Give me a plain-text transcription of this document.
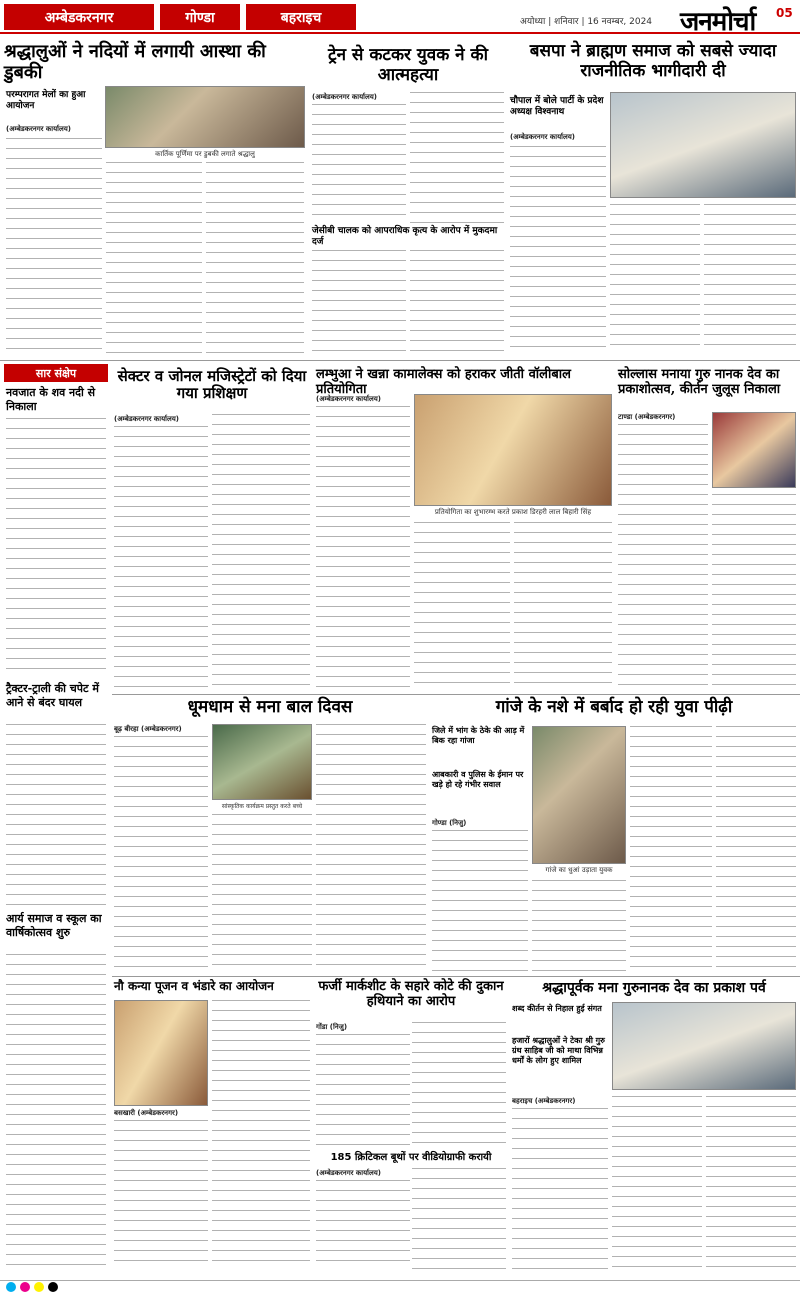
अम्बेडकरनगर	गोण्डा	बहराइच	अयोध्या | शनिवार | 16 नवम्बर, 2024 जनमोर्चा 05
श्रद्धालुओं ने नदियों में लगायी आस्था की डुबकी
कार्तिक पूर्णिमा पर डुबकी लगाते श्रद्धालु
परम्परागत मेलों का हुआ आयोजन
(अम्बेडकरनगर कार्यालय)
ट्रेन से कटकर युवक ने की आत्महत्या
(अम्बेडकरनगर कार्यालय)
जेसीबी चालक को आपराधिक कृत्य के आरोप में मुकदमा दर्ज
बसपा ने ब्राह्मण समाज को सबसे ज्यादा राजनीतिक भागीदारी दी
चौपाल में बोले पार्टी के प्रदेश अध्यक्ष विश्वनाथ
(अम्बेडकरनगर कार्यालय)
सार संक्षेप
नवजात के शव नदी से निकाला
ट्रैक्टर-ट्राली की चपेट में आने से बंदर घायल
आर्य समाज व स्कूल का वार्षिकोत्सव शुरु
सेक्टर व जोनल मजिस्ट्रेटों को दिया गया प्रशिक्षण
(अम्बेडकरनगर कार्यालय)
लम्भुआ ने खन्ना कामालेक्स को हराकर जीती वॉलीबाल प्रतियोगिता
(अम्बेडकरनगर कार्यालय)
प्रतियोगिता का शुभारम्भ करते प्रकाश डिरहरी लाल बिहारी सिंह
सोल्लास मनाया गुरु नानक देव का प्रकाशोत्सव, कीर्तन जुलूस निकाला
टाण्डा (अम्बेडकरनगर)
धूमधाम से मना बाल दिवस
बूढ़ बीरहा (अम्बेडकरनगर)
सांस्कृतिक कार्यक्रम प्रस्तुत करते बच्चे
गांजे के नशे में बर्बाद हो रही युवा पीढ़ी
जिले में भांग के ठेके की आड़ में बिक रहा गांजा
आबकारी व पुलिस के ईमान पर खड़े हो रहे गंभीर सवाल
गोण्डा (निजु)
गांजे का धुआं उड़ाता युवक
नौ कन्या पूजन व भंडारे का आयोजन
बसखारी (अम्बेडकरनगर)
फर्जी मार्कशीट के सहारे कोटे की दुकान हथियाने का आरोप
गोंडा (निजु)
185 क्रिटिकल बूथों पर वीडियोग्राफी करायी
(अम्बेडकरनगर कार्यालय)
श्रद्धापूर्वक मना गुरुनानक देव का प्रकाश पर्व
शब्द कीर्तन से निहाल हुई संगत
हजारों श्रद्धालुओं ने टेका श्री गुरु ग्रंथ साहिब जी को माथा विभिन्न धर्मों के लोग हुए शामिल
बहराइच (अम्बेडकरनगर)
